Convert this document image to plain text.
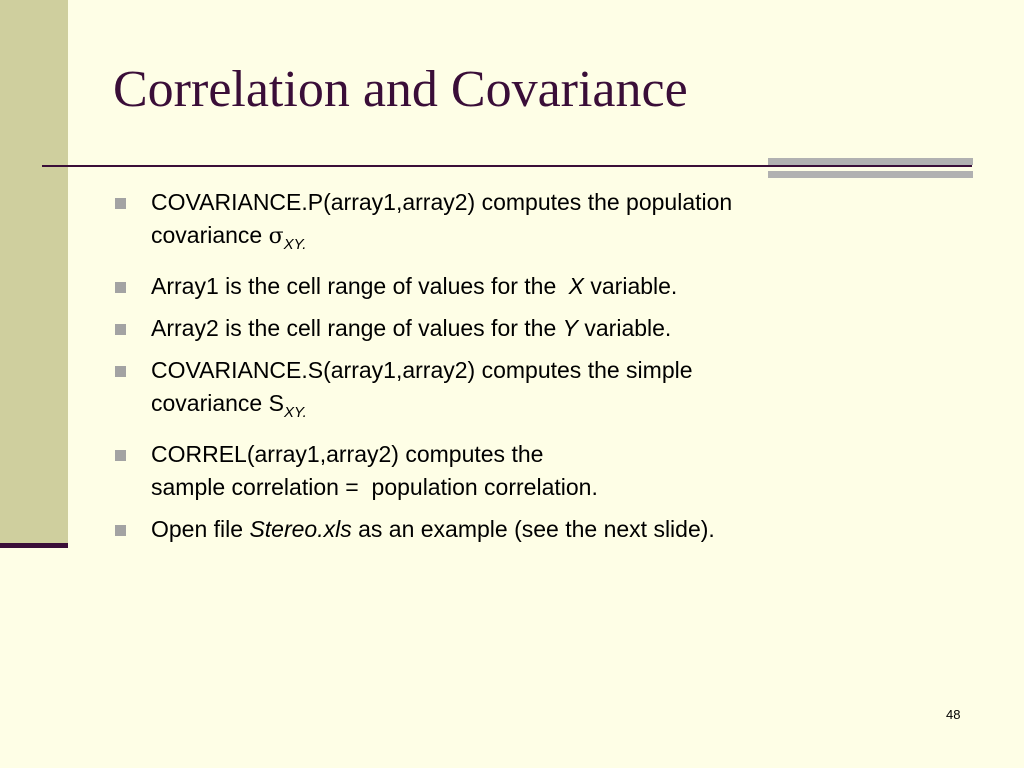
Correlation and Covariance
COVARIANCE.P(array1,array2) computes the population
covariance $\sigma_{XY.}$
Array1 is the cell range of values for the X variable.
Array2 is the cell range of values for the Y variable.
COVARIANCE.S(array1,array2) computes the simple
covariance $S_{XY.}$
CORREL(array1,array2) computes the
sample correlation =  population correlation.
Open file Stereo.xls as an example (see the next slide).
48
